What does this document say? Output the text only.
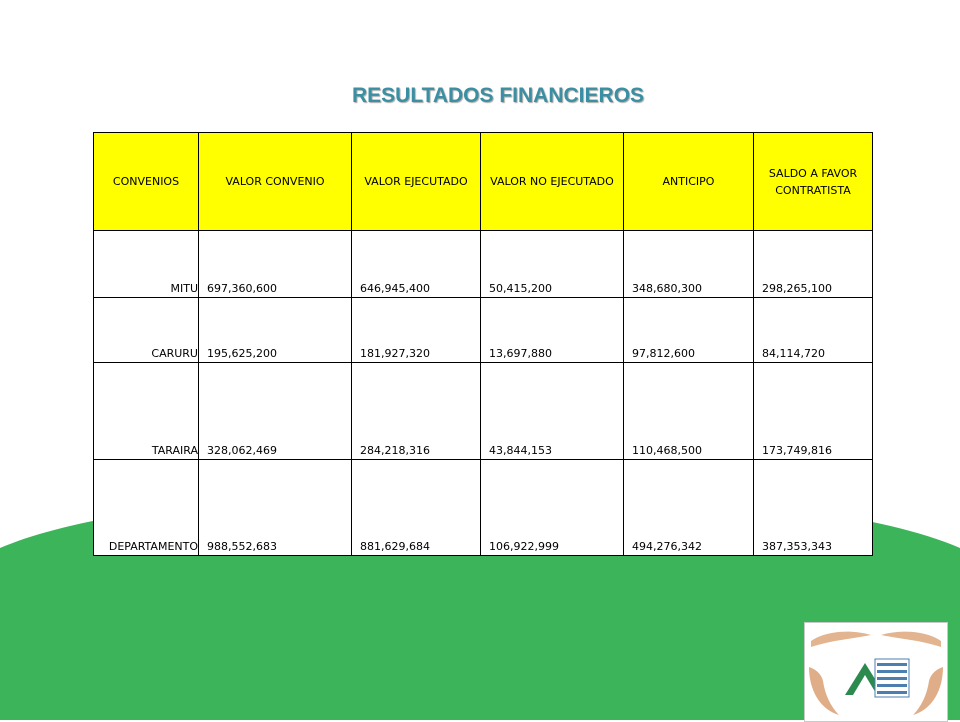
RESULTADOS FINANCIEROS
CONVENIOS	VALOR CONVENIO	VALOR EJECUTADO	VALOR NO EJECUTADO	ANTICIPO	SALDO A FAVOR CONTRATISTA
MITU	697,360,600	646,945,400	50,415,200	348,680,300	298,265,100
CARURU	195,625,200	181,927,320	13,697,880	97,812,600	84,114,720
TARAIRA	328,062,469	284,218,316	43,844,153	110,468,500	173,749,816
DEPARTAMENTO	988,552,683	881,629,684	106,922,999	494,276,342	387,353,343
